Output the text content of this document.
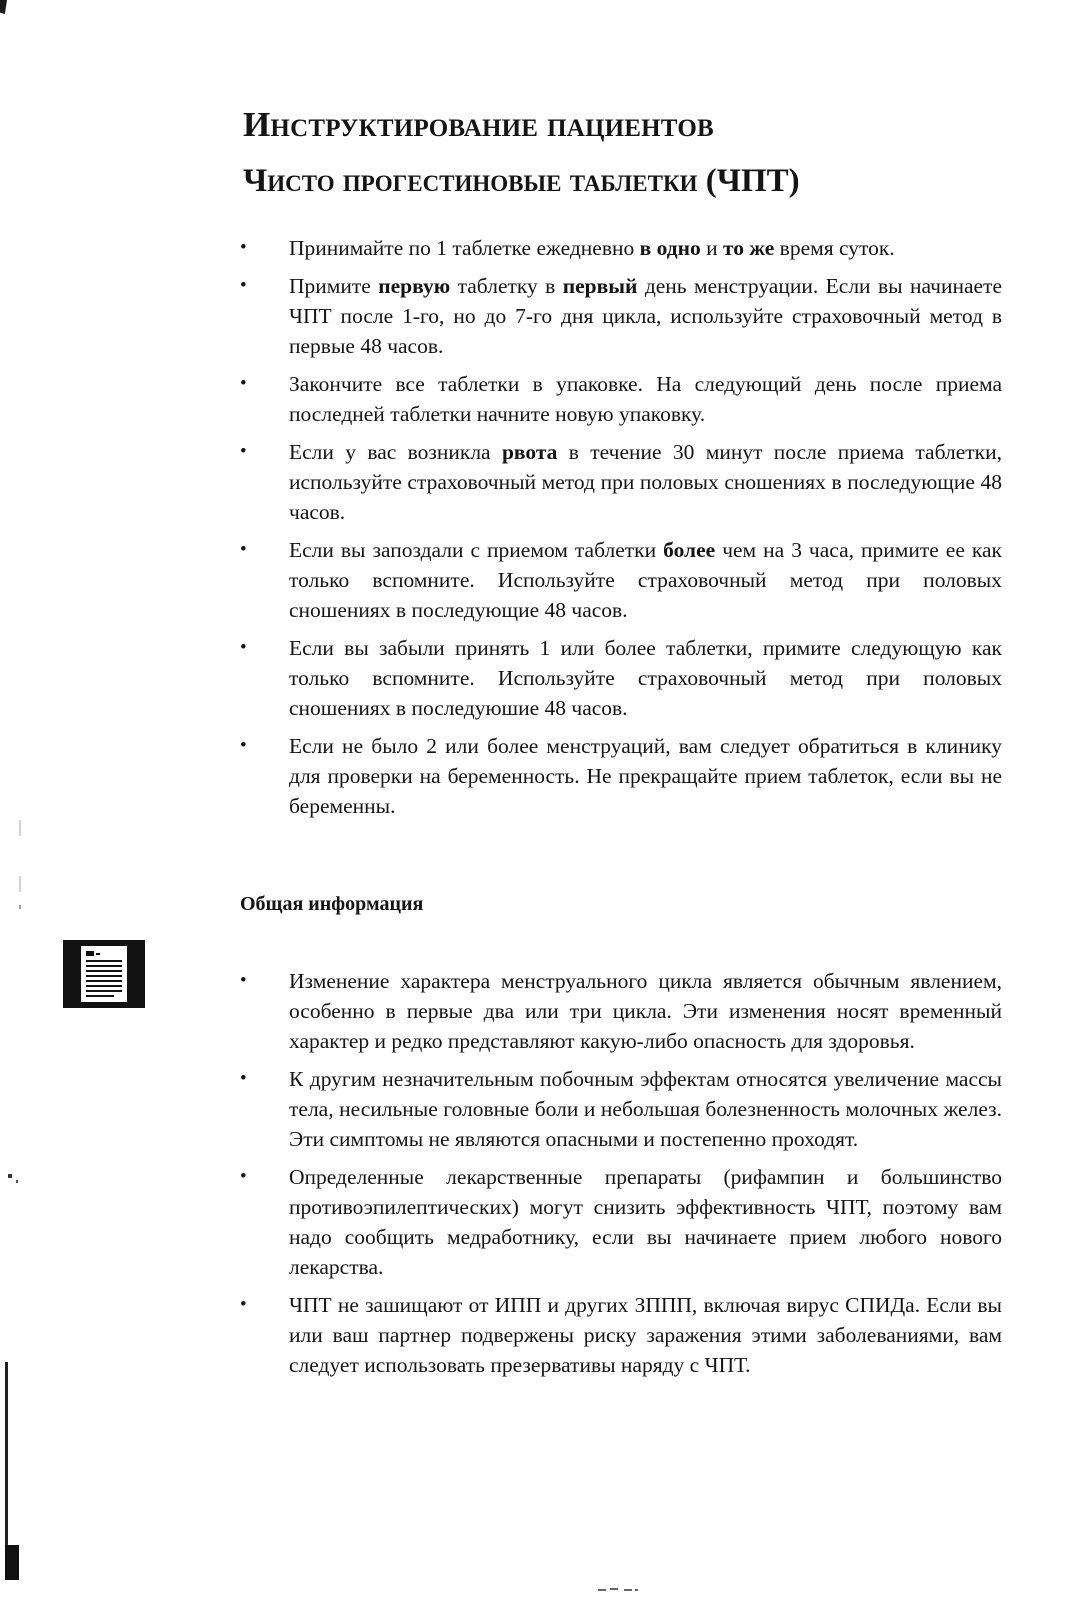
Инструктирование пациентов
Чисто прогестиновые таблетки (ЧПТ)
•	Принимайте по 1 таблетке ежедневно в одно и то же время суток.
•	Примите первую таблетку в первый день менструации. Если вы начинаете ЧПТ после 1-го, но до 7-го дня цикла, используйте страховочный метод в первые 48 часов.
•	Закончите все таблетки в упаковке. На следующий день после приема последней таблетки начните новую упаковку.
•	Если у вас возникла рвота в течение 30 минут после приема таблетки, используйте страховочный метод при половых сношениях в последующие 48 часов.
•	Если вы запоздали с приемом таблетки более чем на 3 часа, примите ее как только вспомните. Используйте страховочный метод при половых сношениях в последующие 48 часов.
•	Если вы забыли принять 1 или более таблетки, примите следующую как только вспомните. Используйте страховочный метод при половых сношениях в последуюшие 48 часов.
•	Если не было 2 или более менструаций, вам следует обратиться в клинику для проверки на беременность. Не прекращайте прием таблеток, если вы не беременны.
Общая информация
•	Изменение характера менструального цикла является обычным явлением, особенно в первые два или три цикла. Эти изменения носят временный характер и редко представляют какую-либо опасность для здоровья.
•	К другим незначительным побочным эффектам относятся увеличение массы тела, несильные головные боли и небольшая болезненность молочных желез. Эти симптомы не являются опасными и постепенно проходят.
•	Определенные лекарственные препараты (рифампин и большинство противоэпилептических) могут снизить эффективность ЧПТ, поэтому вам надо сообщить медработнику, если вы начинаете прием любого нового лекарства.
•	ЧПТ не зашищают от ИПП и других ЗППП, включая вирус СПИДа. Если вы или ваш партнер подвержены риску заражения этими заболеваниями, вам следует использовать презервативы наряду с ЧПТ.
